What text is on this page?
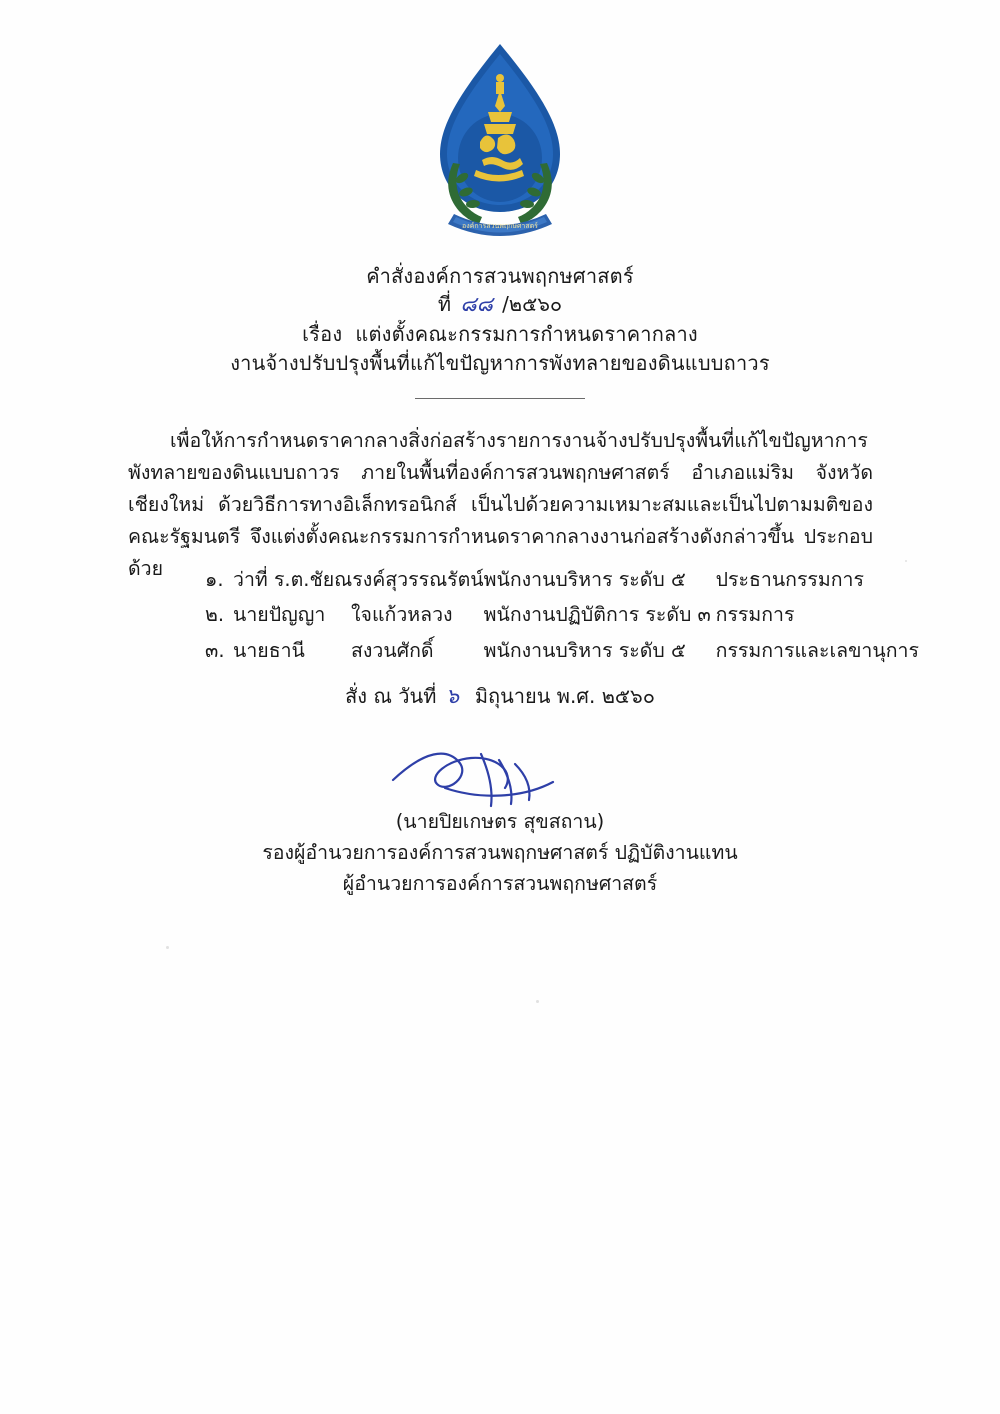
องค์การสวนพฤกษศาสตร์
คำสั่งองค์การสวนพฤกษศาสตร์
ที่ ๘๘ /๒๕๖๐
เรื่อง แต่งตั้งคณะกรรมการกำหนดราคากลาง
งานจ้างปรับปรุงพื้นที่แก้ไขปัญหาการพังทลายของดินแบบถาวร
เพื่อให้การกำหนดราคากลางสิ่งก่อสร้างรายการงานจ้างปรับปรุงพื้นที่แก้ไขปัญหาการพังทลายของดินแบบถาวร ภายในพื้นที่องค์การสวนพฤกษศาสตร์ อำเภอแม่ริม จังหวัดเชียงใหม่ ด้วยวิธีการทางอิเล็กทรอนิกส์ เป็นไปด้วยความเหมาะสมและเป็นไปตามมติของคณะรัฐมนตรี จึงแต่งตั้งคณะกรรมการกำหนดราคากลางงานก่อสร้างดังกล่าวขึ้น ประกอบด้วย	๑.	ว่าที่ ร.ต.ชัยณรงค์สุวรรณรัตน์	พนักงานบริหาร ระดับ ๕	ประธานกรรมการ
๒.	นายปัญญา ใจแก้วหลวง	พนักงานปฏิบัติการ ระดับ ๓	กรรมการ
๓.	นายธานี สงวนศักดิ์	พนักงานบริหาร ระดับ ๕	กรรมการและเลขานุการ
สั่ง ณ วันที่ ๖ มิถุนายน พ.ศ. ๒๕๖๐
(นายปิยเกษตร สุขสถาน)
รองผู้อำนวยการองค์การสวนพฤกษศาสตร์ ปฏิบัติงานแทน
ผู้อำนวยการองค์การสวนพฤกษศาสตร์
